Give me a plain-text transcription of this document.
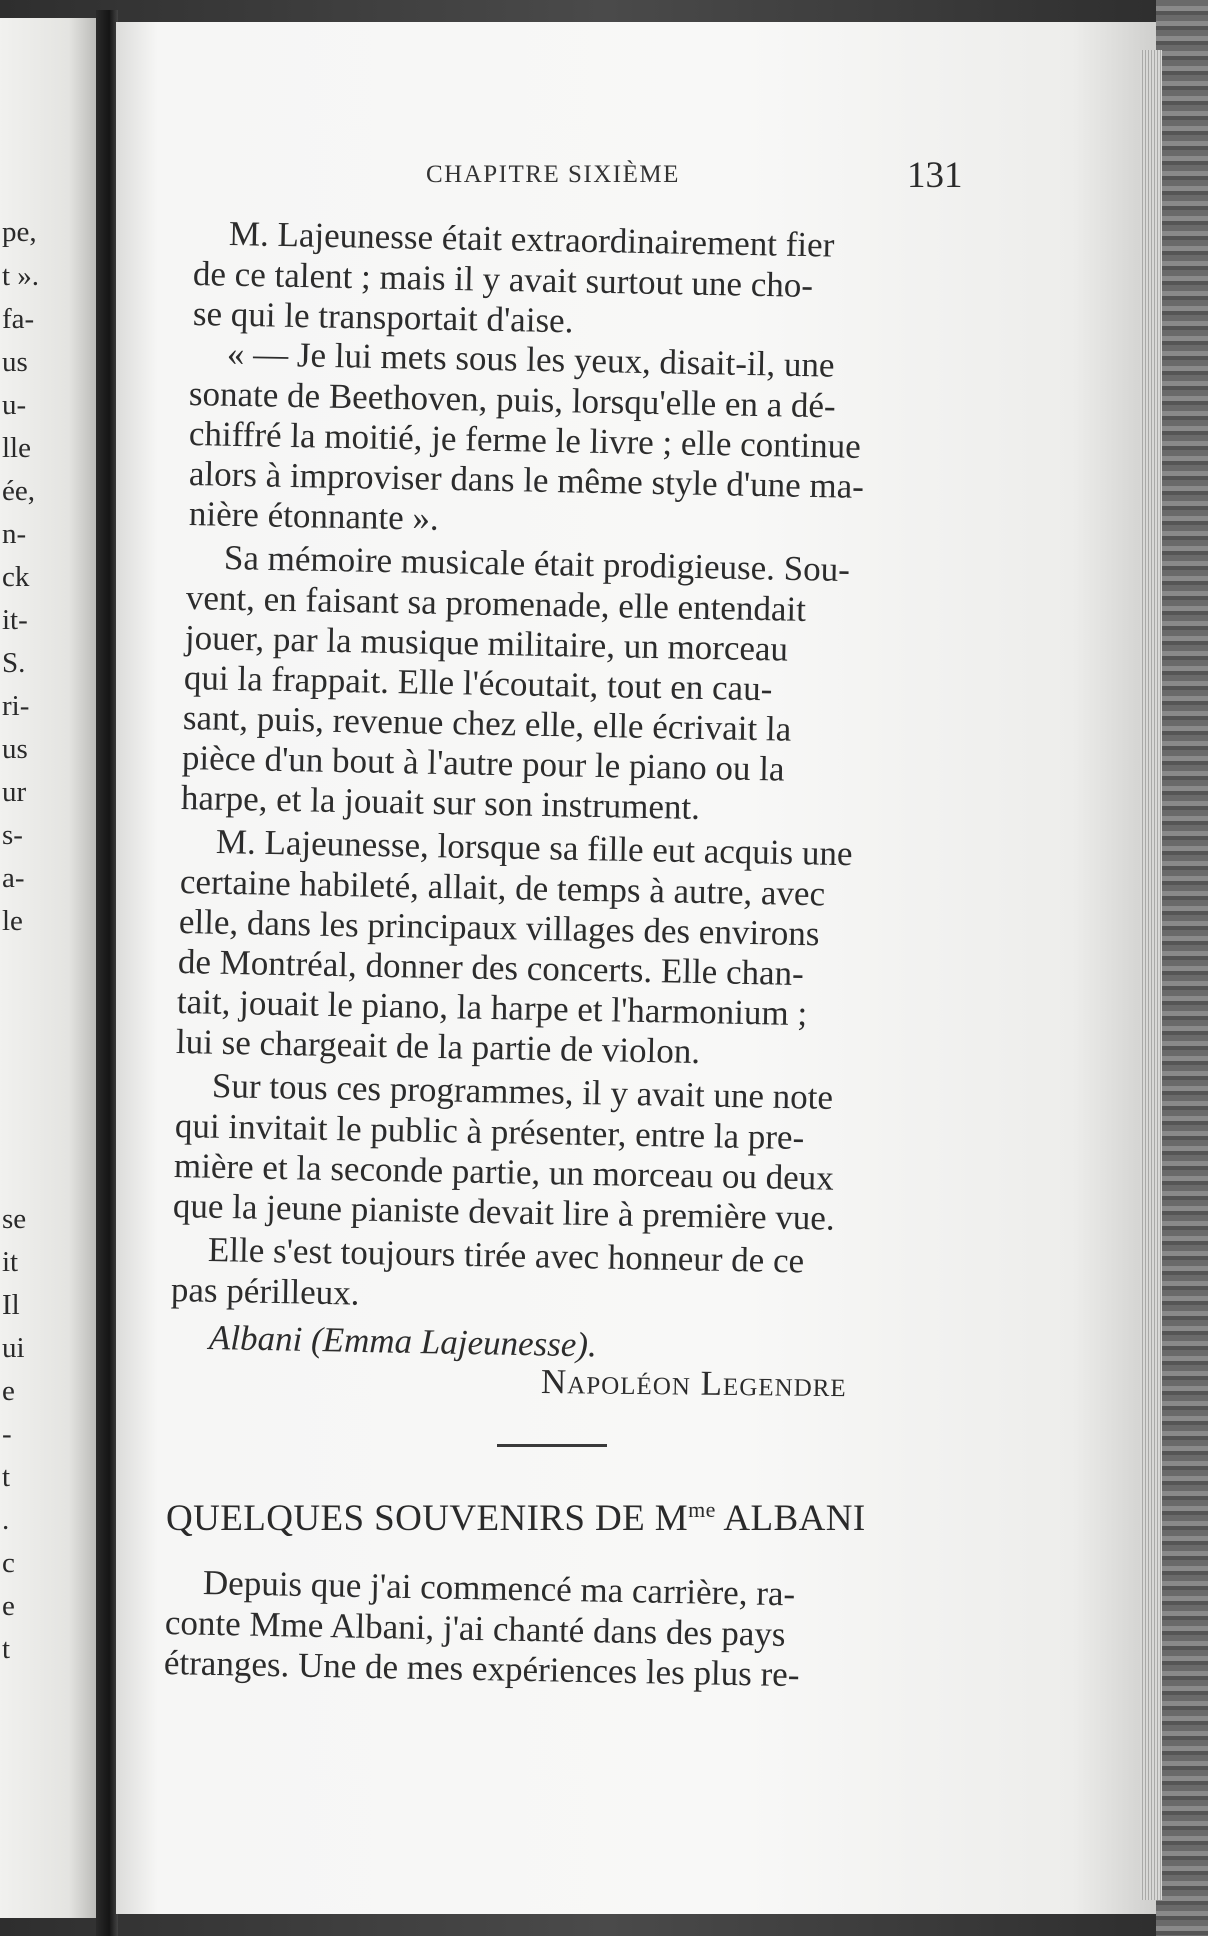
pe,
t ».
fa-
us
u-
lle
ée,
n-
ck
it-
S.
ri-
us
ur
s-
a-
le
se
it
Il
ui
e
-
t
.
c
e
t
CHAPITRE SIXIÈME	131
M. Lajeunesse était extraordinairement fier
de ce talent ; mais il y avait surtout une cho-
se qui le transportait d'aise.
« — Je lui mets sous les yeux, disait-il, une
sonate de Beethoven, puis, lorsqu'elle en a dé-
chiffré la moitié, je ferme le livre ; elle continue
alors à improviser dans le même style d'une ma-
nière étonnante ».
Sa mémoire musicale était prodigieuse. Sou-
vent, en faisant sa promenade, elle entendait
jouer, par la musique militaire, un morceau
qui la frappait. Elle l'écoutait, tout en cau-
sant, puis, revenue chez elle, elle écrivait la
pièce d'un bout à l'autre pour le piano ou la
harpe, et la jouait sur son instrument.
M. Lajeunesse, lorsque sa fille eut acquis une
certaine habileté, allait, de temps à autre, avec
elle, dans les principaux villages des environs
de Montréal, donner des concerts. Elle chan-
tait, jouait le piano, la harpe et l'harmonium ;
lui se chargeait de la partie de violon.
Sur tous ces programmes, il y avait une note
qui invitait le public à présenter, entre la pre-
mière et la seconde partie, un morceau ou deux
que la jeune pianiste devait lire à première vue.
Elle s'est toujours tirée avec honneur de ce
pas périlleux.
Albani (Emma Lajeunesse).
Napoléon Legendre
QUELQUES SOUVENIRS DE $M^{me}$ ALBANI
Depuis que j'ai commencé ma carrière, ra-
conte Mme Albani, j'ai chanté dans des pays
étranges. Une de mes expériences les plus re-
